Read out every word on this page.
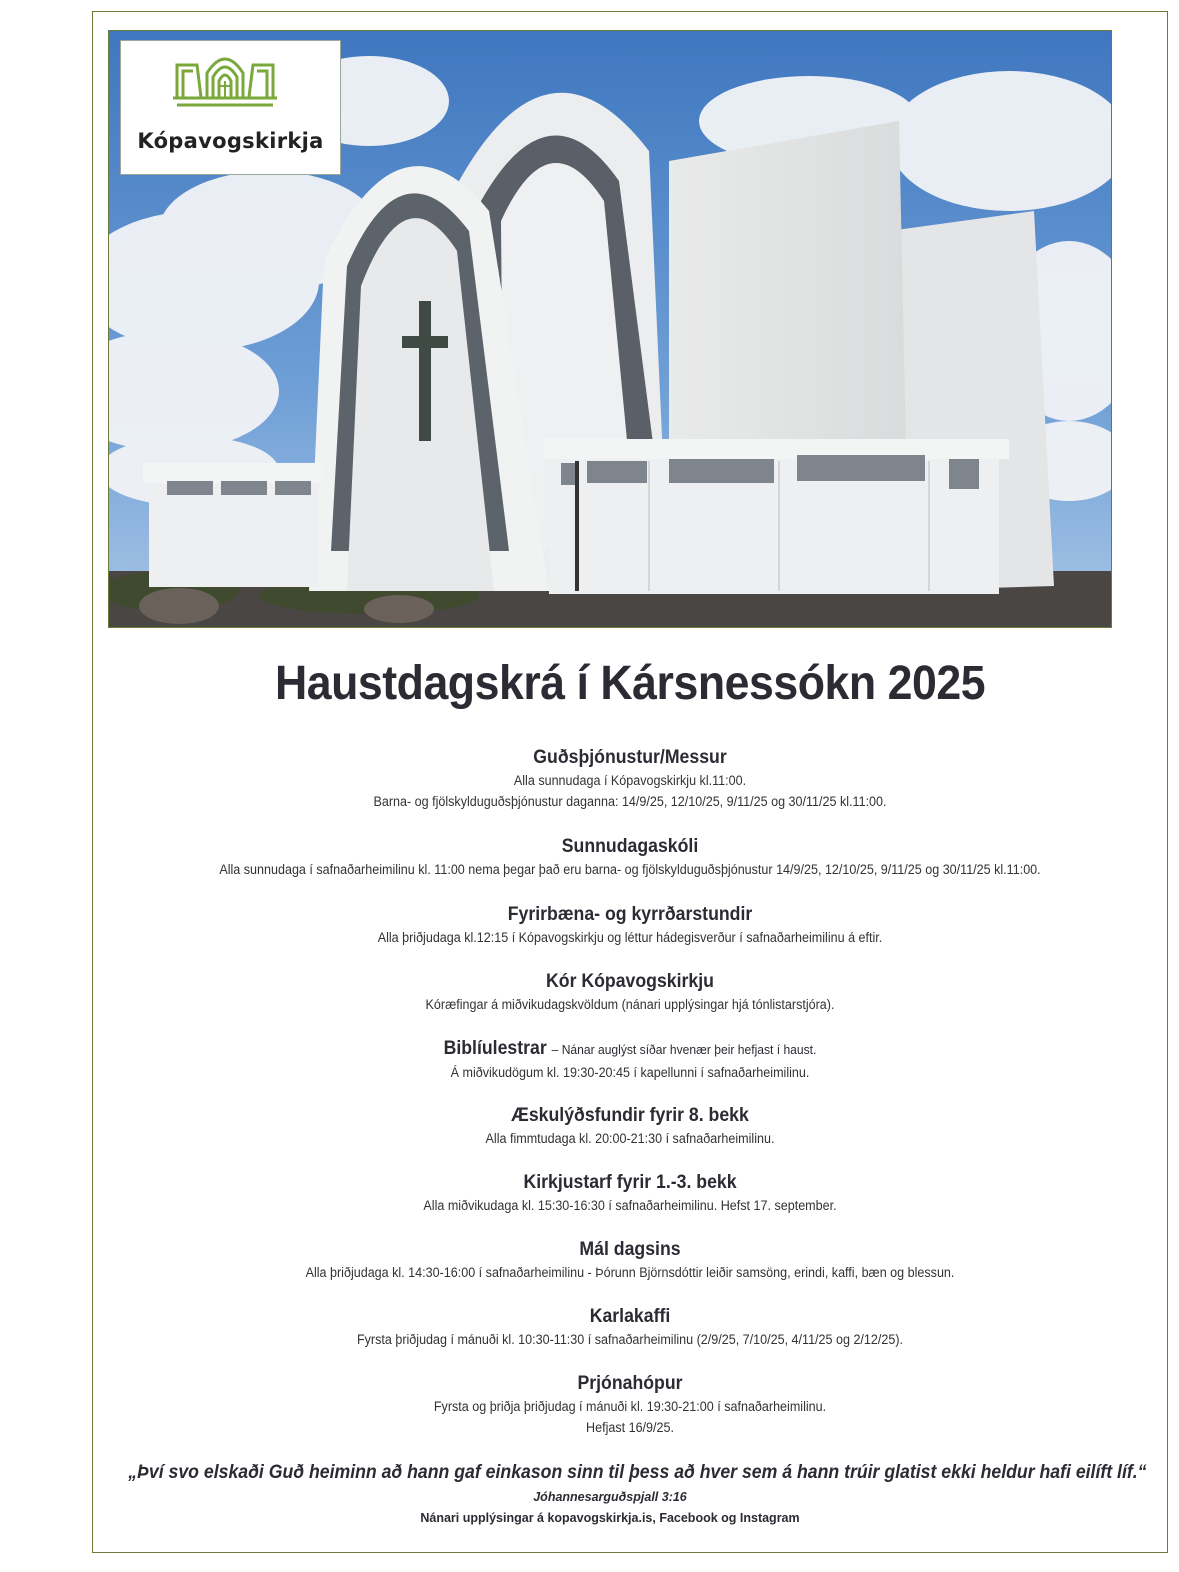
Kópavogskirkja
Haustdagskrá í Kársnessókn 2025
Guðsþjónustur/Messur
Alla sunnudaga í Kópavogskirkju kl.11:00.
Barna- og fjölskylduguðsþjónustur daganna: 14/9/25, 12/10/25, 9/11/25 og 30/11/25 kl.11:00.
Sunnudagaskóli
Alla sunnudaga í safnaðarheimilinu kl. 11:00 nema þegar það eru barna- og fjölskylduguðsþjónustur 14/9/25, 12/10/25, 9/11/25 og 30/11/25 kl.11:00.
Fyrirbæna- og kyrrðarstundir
Alla þriðjudaga kl.12:15 í Kópavogskirkju og léttur hádegisverður í safnaðarheimilinu á eftir.
Kór Kópavogskirkju
Kóræfingar á miðvikudagskvöldum (nánari upplýsingar hjá tónlistarstjóra).
Biblíulestrar – Nánar auglýst síðar hvenær þeir hefjast í haust.
Á miðvikudögum kl. 19:30-20:45 í kapellunni í safnaðarheimilinu.
Æskulýðsfundir fyrir 8. bekk
Alla fimmtudaga kl. 20:00-21:30 í safnaðarheimilinu.
Kirkjustarf fyrir 1.-3. bekk
Alla miðvikudaga kl. 15:30-16:30 í safnaðarheimilinu. Hefst 17. september.
Mál dagsins
Alla þriðjudaga kl. 14:30-16:00 í safnaðarheimilinu - Þórunn Björnsdóttir leiðir samsöng, erindi, kaffi, bæn og blessun.
Karlakaffi
Fyrsta þriðjudag í mánuði kl. 10:30-11:30 í safnaðarheimilinu (2/9/25, 7/10/25, 4/11/25 og 2/12/25).
Prjónahópur
Fyrsta og þriðja þriðjudag í mánuði kl. 19:30-21:00 í safnaðarheimilinu.
Hefjast 16/9/25.
„Því svo elskaði Guð heiminn að hann gaf einkason sinn til þess að hver sem á hann trúir glatist ekki heldur hafi eilíft líf.“
Jóhannesarguðspjall 3:16
Nánari upplýsingar á kopavogskirkja.is, Facebook og Instagram
